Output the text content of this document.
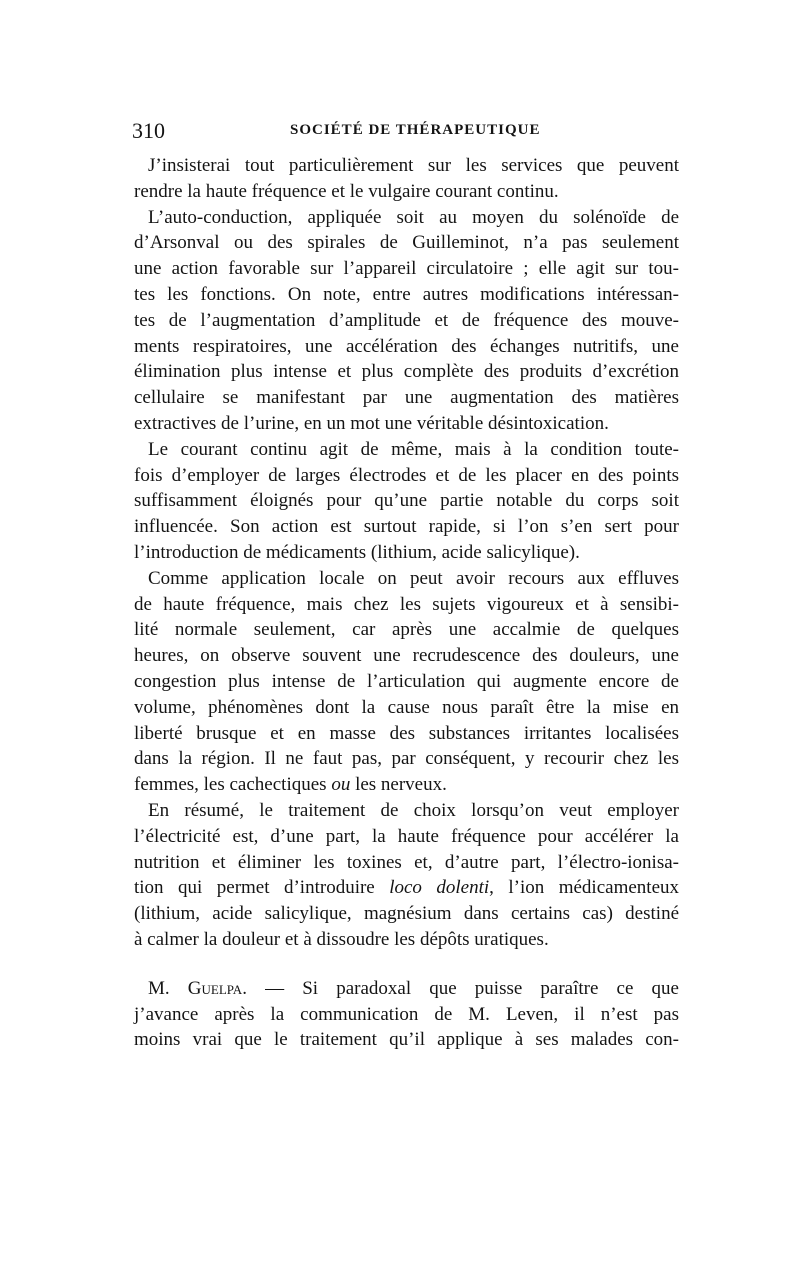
310	SOCIÉTÉ DE THÉRAPEUTIQUE
J’insisterai tout particulièrement sur les services que peuvent
rendre la haute fréquence et le vulgaire courant continu.
L’auto-conduction, appliquée soit au moyen du solénoïde de
d’Arsonval ou des spirales de Guilleminot, n’a pas seulement
une action favorable sur l’appareil circulatoire ; elle agit sur tou-
tes les fonctions. On note, entre autres modifications intéressan-
tes de l’augmentation d’amplitude et de fréquence des mouve-
ments respiratoires, une accélération des échanges nutritifs, une
élimination plus intense et plus complète des produits d’excrétion
cellulaire se manifestant par une augmentation des matières
extractives de l’urine, en un mot une véritable désintoxication.
Le courant continu agit de même, mais à la condition toute-
fois d’employer de larges électrodes et de les placer en des points
suffisamment éloignés pour qu’une partie notable du corps soit
influencée. Son action est surtout rapide, si l’on s’en sert pour
l’introduction de médicaments (lithium, acide salicylique).
Comme application locale on peut avoir recours aux effluves
de haute fréquence, mais chez les sujets vigoureux et à sensibi-
lité normale seulement, car après une accalmie de quelques
heures, on observe souvent une recrudescence des douleurs, une
congestion plus intense de l’articulation qui augmente encore de
volume, phénomènes dont la cause nous paraît être la mise en
liberté brusque et en masse des substances irritantes localisées
dans la région. Il ne faut pas, par conséquent, y recourir chez les
femmes, les cachectiques ou les nerveux.
En résumé, le traitement de choix lorsqu’on veut employer
l’électricité est, d’une part, la haute fréquence pour accélérer la
nutrition et éliminer les toxines et, d’autre part, l’électro-ionisa-
tion qui permet d’introduire loco dolenti, l’ion médicamenteux
(lithium, acide salicylique, magnésium dans certains cas) destiné
à calmer la douleur et à dissoudre les dépôts uratiques.
M. Guelpa. — Si paradoxal que puisse paraître ce que
j’avance après la communication de M. Leven, il n’est pas
moins vrai que le traitement qu’il applique à ses malades con-
